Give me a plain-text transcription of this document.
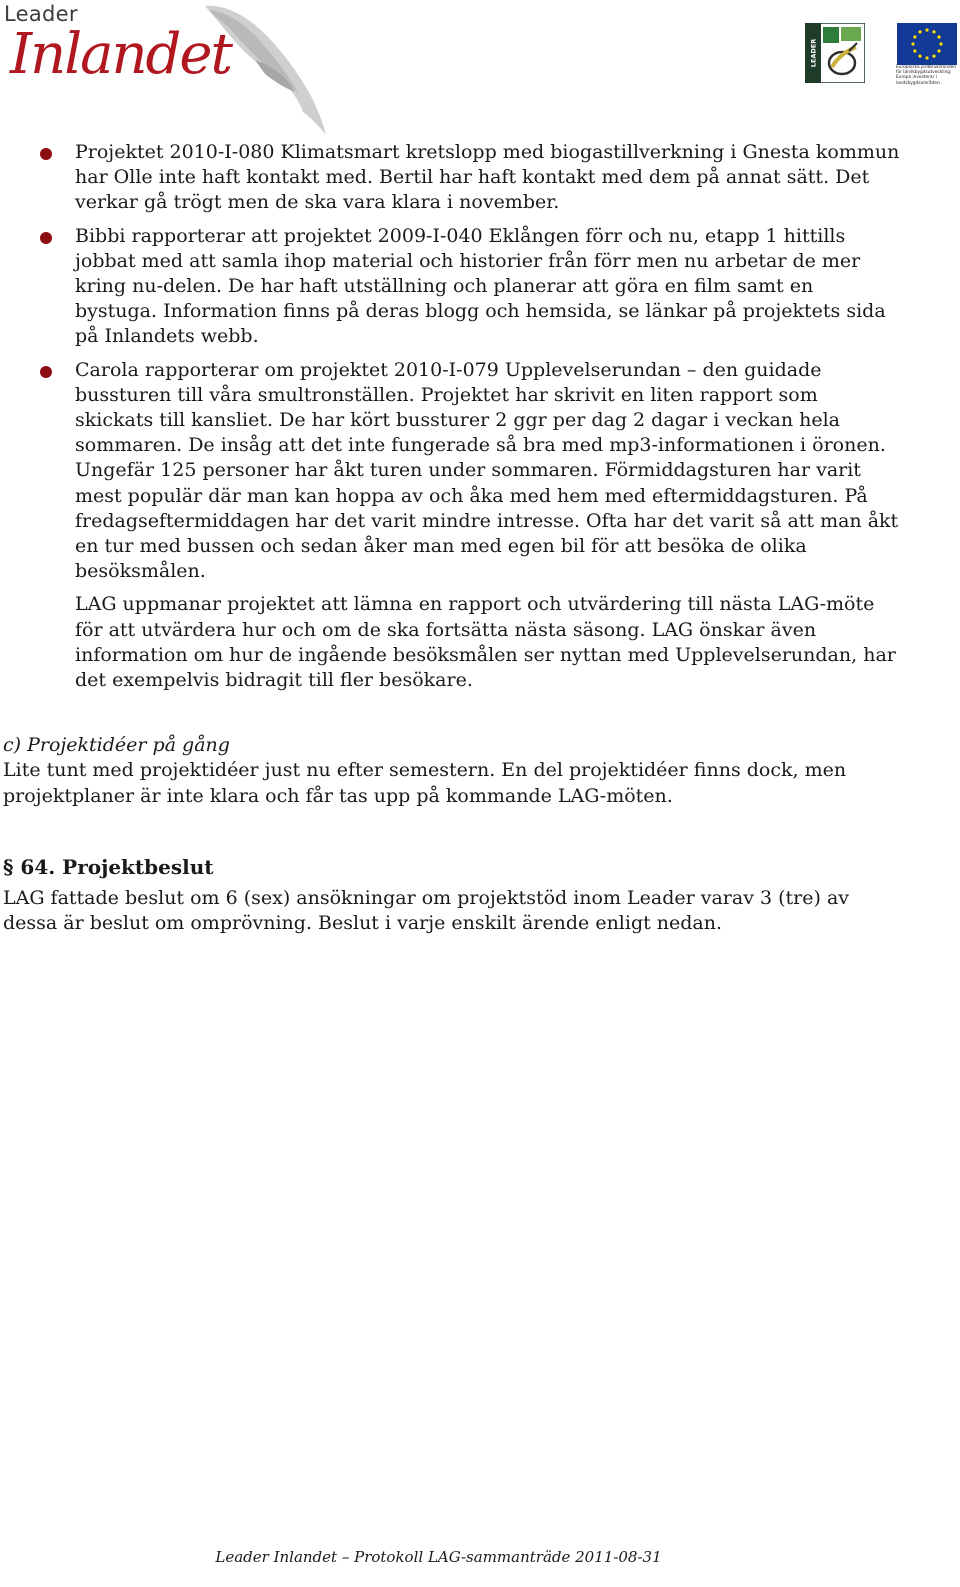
Leader
Inlandet	LEADER
Europeiska jordbruksfonden för landsbygdsutveckling: Europa investerar i landsbygdsområden
Projektet 2010-I-080 Klimatsmart kretslopp med biogastillverkning i Gnesta kommun har Olle inte haft kontakt med. Bertil har haft kontakt med dem på annat sätt. Det verkar gå trögt men de ska vara klara i november.
Bibbi rapporterar att projektet 2009-I-040 Eklången förr och nu, etapp 1 hittills jobbat med att samla ihop material och historier från förr men nu arbetar de mer kring nu-delen. De har haft utställning och planerar att göra en film samt en bystuga. Information finns på deras blogg och hemsida, se länkar på projektets sida på Inlandets webb.
Carola rapporterar om projektet 2010-I-079 Upplevelserundan – den guidade bussturen till våra smultronställen. Projektet har skrivit en liten rapport som skickats till kansliet. De har kört bussturer 2 ggr per dag 2 dagar i veckan hela sommaren. De insåg att det inte fungerade så bra med mp3-informationen i öronen. Ungefär 125 personer har åkt turen under sommaren. Förmiddagsturen har varit mest populär där man kan hoppa av och åka med hem med eftermiddagsturen. På fredagseftermiddagen har det varit mindre intresse. Ofta har det varit så att man åkt en tur med bussen och sedan åker man med egen bil för att besöka de olika besöksmålen.

LAG uppmanar projektet att lämna en rapport och utvärdering till nästa LAG-möte för att utvärdera hur och om de ska fortsätta nästa säsong. LAG önskar även information om hur de ingående besöksmålen ser nyttan med Upplevelserundan, har det exempelvis bidragit till fler besökare.

c) Projektidéer på gång

Lite tunt med projektidéer just nu efter semestern. En del projektidéer finns dock, men projektplaner är inte klara och får tas upp på kommande LAG-möten.

§ 64. Projektbeslut

LAG fattade beslut om 6 (sex) ansökningar om projektstöd inom Leader varav 3 (tre) av dessa är beslut om omprövning. Beslut i varje enskilt ärende enligt nedan.

Leader Inlandet – Protokoll LAG-sammanträde 2011-08-31
